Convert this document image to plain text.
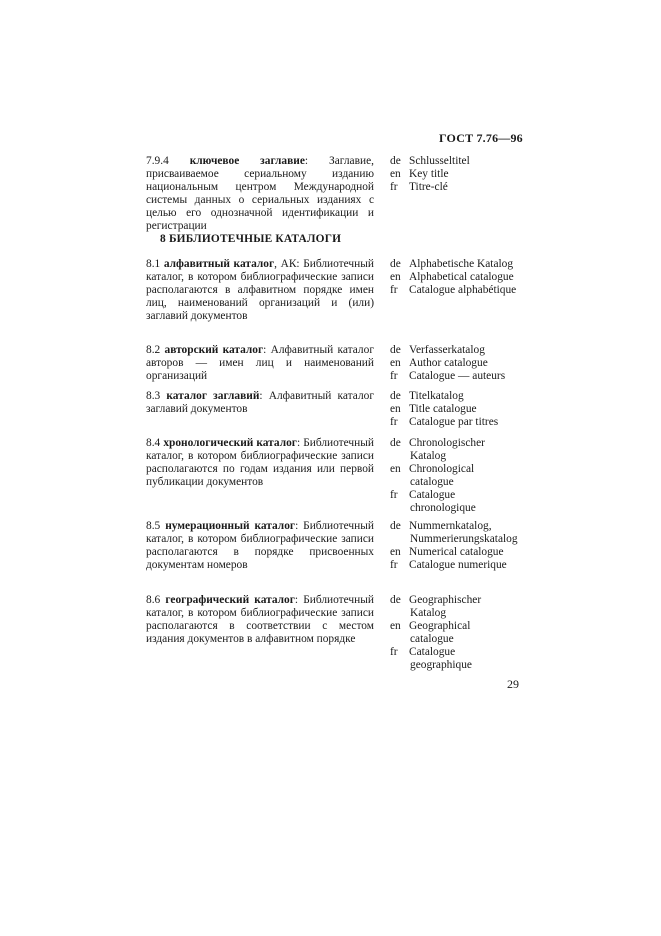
ГОСТ 7.76—96
7.9.4 ключевое заглавие: Заглавие, присваиваемое сериальному изданию национальным центром Международной системы данных о сериальных изданиях с целью его однозначной идентификации и регистрации
de Schlusseltitel
en Key title
fr Titre-clé
8 БИБЛИОТЕЧНЫЕ КАТАЛОГИ
8.1 алфавитный каталог, АК: Библиотечный каталог, в котором библиографические записи располагаются в алфавитном порядке имен лиц, наименований организаций и (или) заглавий документов
de Alphabetische Katalog
en Alphabetical catalogue
fr Catalogue alphabétique
8.2 авторский каталог: Алфавитный каталог авторов — имен лиц и наименований организаций
de Verfasserkatalog
en Author catalogue
fr Catalogue — auteurs
8.3 каталог заглавий: Алфавитный каталог заглавий документов
de Titelkatalog
en Title catalogue
fr Catalogue par titres
8.4 хронологический каталог: Библиотечный каталог, в котором библиографические записи располагаются по годам издания или первой публикации документов
de Chronologischer Katalog
en Chronological catalogue
fr Catalogue chronologique
8.5 нумерационный каталог: Библиотечный каталог, в котором библиографические записи располагаются в порядке присвоенных документам номеров
de Nummernkatalog, Nummerierungskatalog
en Numerical catalogue
fr Catalogue numerique
8.6 географический каталог: Библиотечный каталог, в котором библиографические записи располагаются в соответствии с местом издания документов в алфавитном порядке
de Geographischer Katalog
en Geographical catalogue
fr Catalogue geographique
29
